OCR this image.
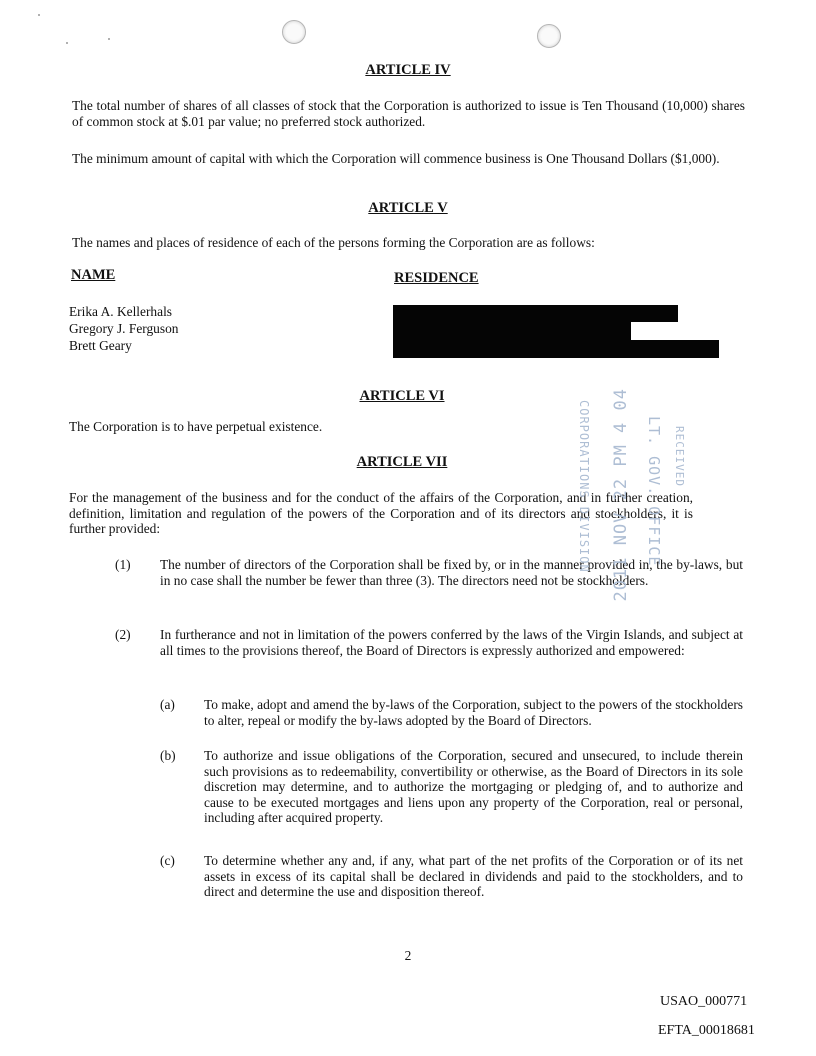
ARTICLE IV

The total number of shares of all classes of stock that the Corporation is authorized to issue is Ten Thousand (10,000) shares of common stock at $.01 par value; no preferred stock authorized.

The minimum amount of capital with which the Corporation will commence business is One Thousand Dollars ($1,000).

ARTICLE V

The names and places of residence of each of the persons forming the Corporation are as follows:

NAME	RESIDENCE
Erika A. Kellerhals
Gregory J. Ferguson
Brett Geary
ARTICLE VI

The Corporation is to have perpetual existence.

ARTICLE VII

For the management of the business and for the conduct of the affairs of the Corporation, and in further creation, definition, limitation and regulation of the powers of the Corporation and of its directors and stockholders, it is further provided:

(1) The number of directors of the Corporation shall be fixed by, or in the manner provided in, the by-laws, but in no case shall the number be fewer than three (3). The directors need not be stockholders.

(2) In furtherance and not in limitation of the powers conferred by the laws of the Virgin Islands, and subject at all times to the provisions thereof, the Board of Directors is expressly authorized and empowered:

(a) To make, adopt and amend the by-laws of the Corporation, subject to the powers of the stockholders to alter, repeal or modify the by-laws adopted by the Board of Directors.

(b) To authorize and issue obligations of the Corporation, secured and unsecured, to include therein such provisions as to redeemability, convertibility or otherwise, as the Board of Directors in its sole discretion may determine, and to authorize the mortgaging or pledging of, and to authorize and cause to be executed mortgages and liens upon any property of the Corporation, real or personal, including after acquired property.

(c) To determine whether any and, if any, what part of the net profits of the Corporation or of its net assets in excess of its capital shall be declared in dividends and paid to the stockholders, and to direct and determine the use and disposition thereof.

CORPORATIONS DIVISION 2011 NOV 22 PM 4 04 LT. GOV. OFFICE RECEIVED
2
USAO_000771
EFTA_00018681
